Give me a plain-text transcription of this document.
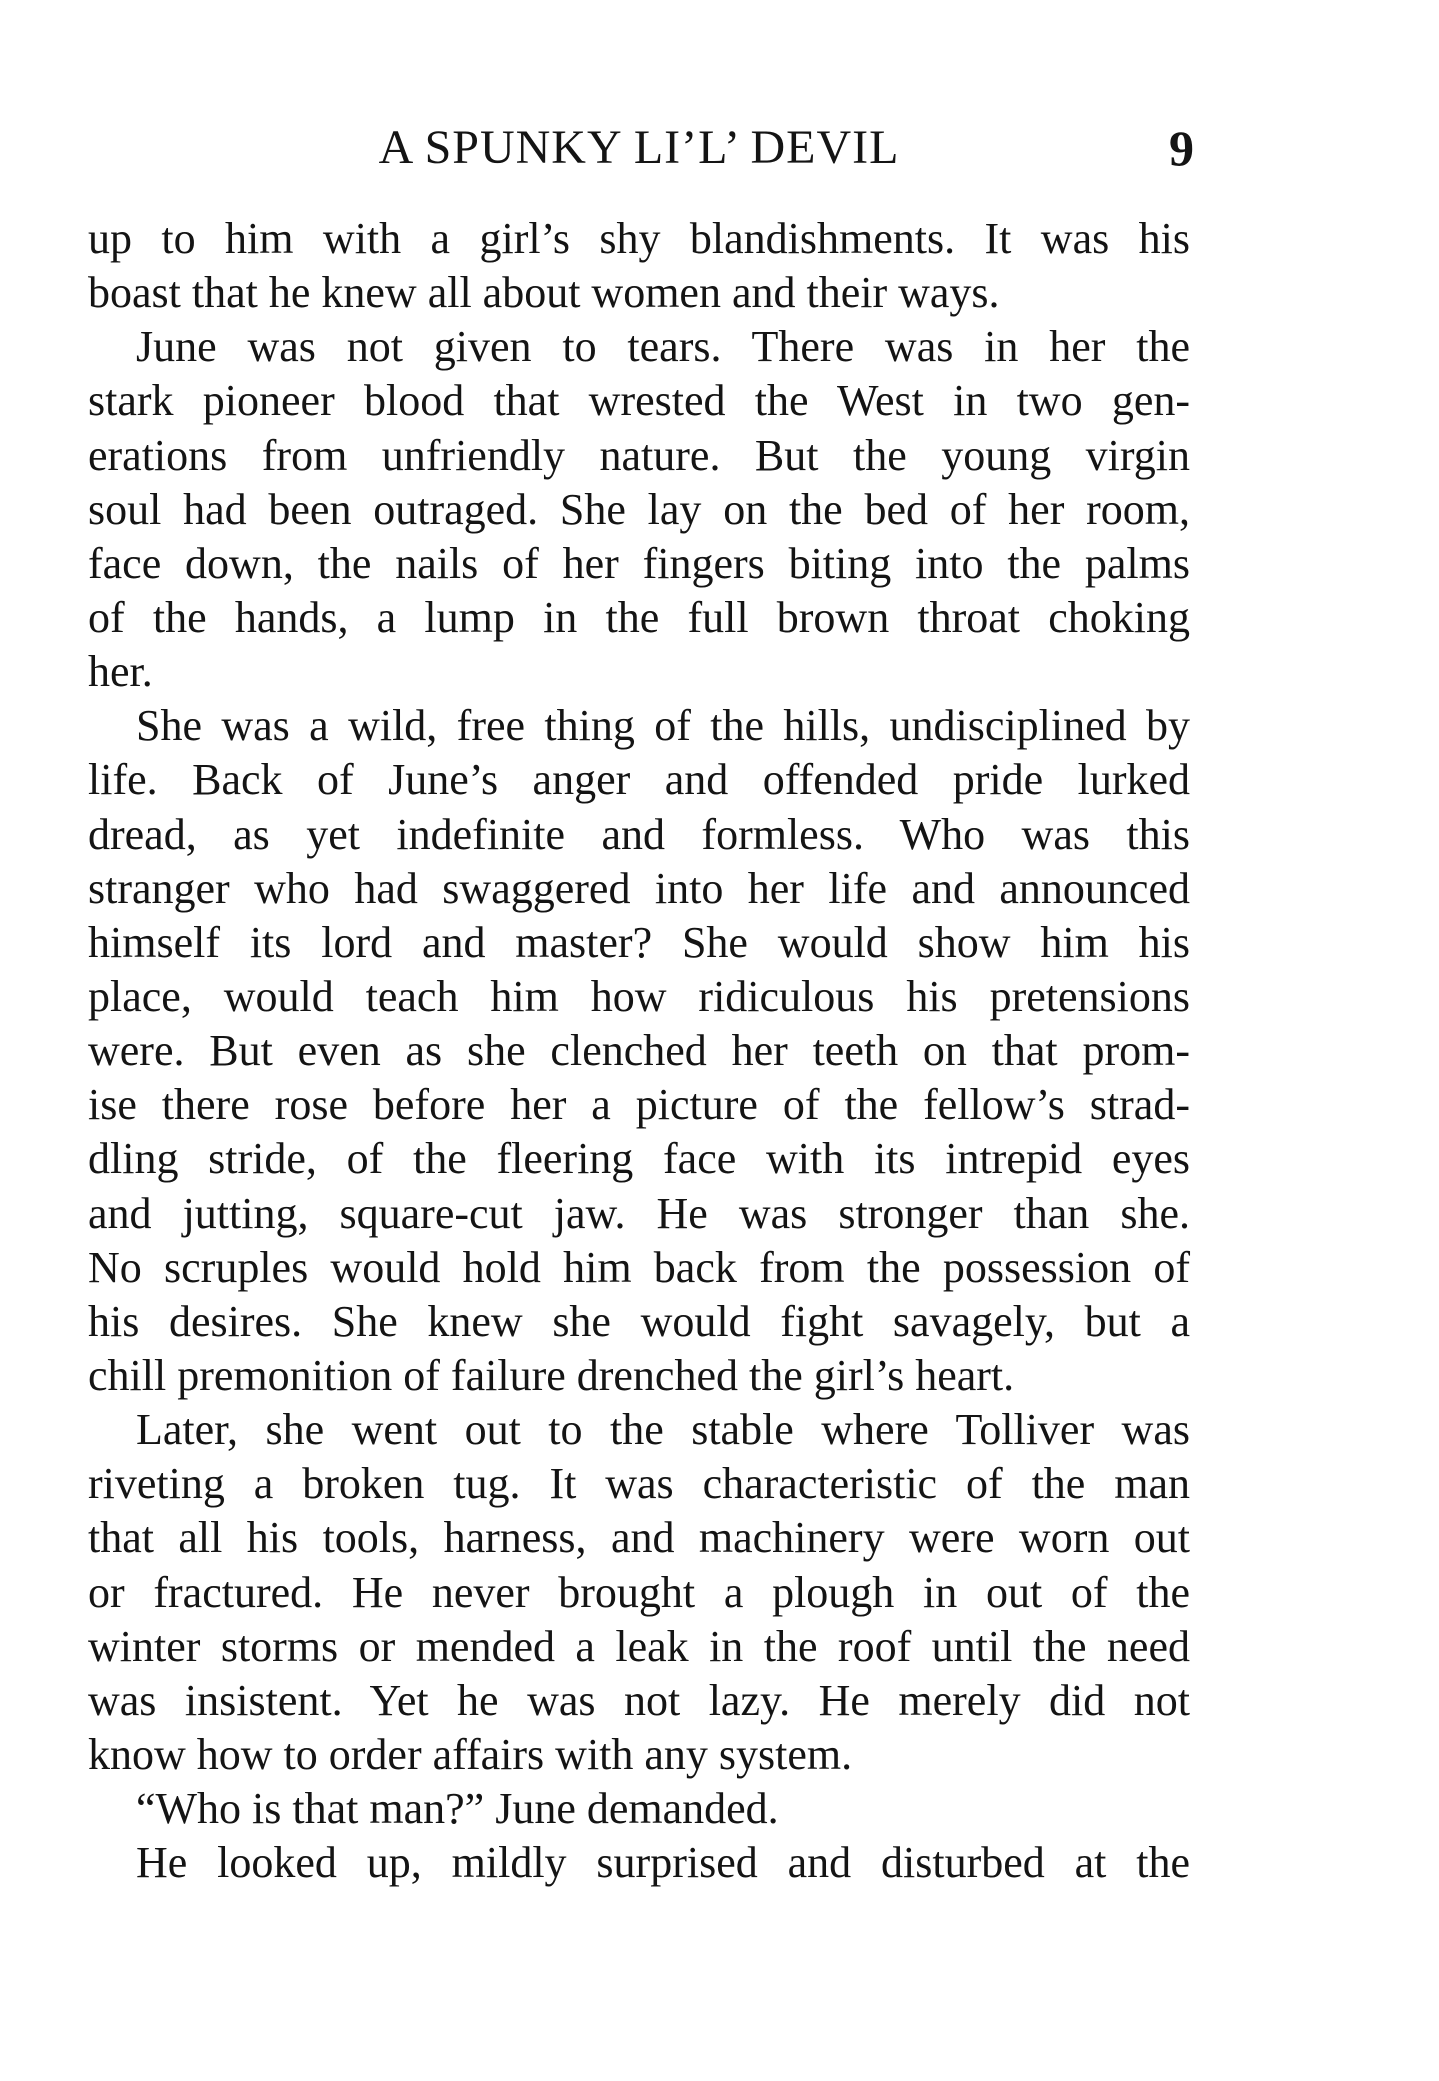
A SPUNKY LI’L’ DEVIL	9
up to him with a girl’s shy blandishments. It was his
boast that he knew all about women and their ways.
June was not given to tears. There was in her the
stark pioneer blood that wrested the West in two gen-
erations from unfriendly nature. But the young virgin
soul had been outraged. She lay on the bed of her room,
face down, the nails of her fingers biting into the palms
of the hands, a lump in the full brown throat choking
her.
She was a wild, free thing of the hills, undisciplined by
life. Back of June’s anger and offended pride lurked
dread, as yet indefinite and formless. Who was this
stranger who had swaggered into her life and announced
himself its lord and master? She would show him his
place, would teach him how ridiculous his pretensions
were. But even as she clenched her teeth on that prom-
ise there rose before her a picture of the fellow’s strad-
dling stride, of the fleering face with its intrepid eyes
and jutting, square-cut jaw. He was stronger than she.
No scruples would hold him back from the possession of
his desires. She knew she would fight savagely, but a
chill premonition of failure drenched the girl’s heart.
Later, she went out to the stable where Tolliver was
riveting a broken tug. It was characteristic of the man
that all his tools, harness, and machinery were worn out
or fractured. He never brought a plough in out of the
winter storms or mended a leak in the roof until the need
was insistent. Yet he was not lazy. He merely did not
know how to order affairs with any system.
“Who is that man?” June demanded.
He looked up, mildly surprised and disturbed at the
